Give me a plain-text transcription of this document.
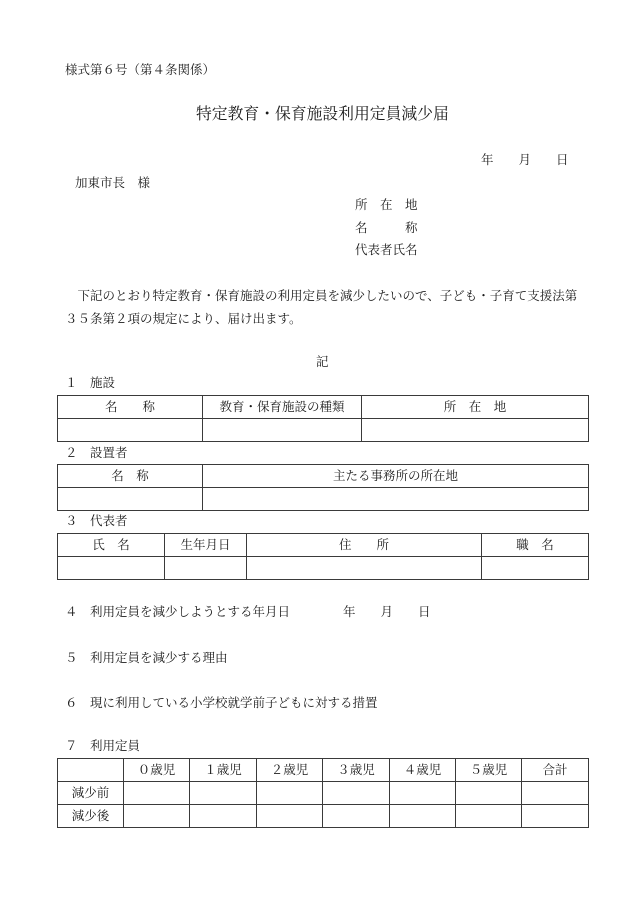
様式第６号（第４条関係）
特定教育・保育施設利用定員減少届
年　　月　　日
加東市長　様
所　在　地
名　　　称
代表者氏名
　下記のとおり特定教育・保育施設の利用定員を減少したいので、子ども・子育て支援法第
３５条第２項の規定により、届け出ます。
記
１　施設
名　　称	教育・保育施設の種類	所　在　地

２　設置者
名　称	主たる事務所の所在地

３　代表者
氏　名	生年月日	住　　所	職　名

４　利用定員を減少しようとする年月日	年　　月　　日
５　利用定員を減少する理由
６　現に利用している小学校就学前子どもに対する措置
７　利用定員
	０歳児	１歳児	２歳児	３歳児	４歳児	５歳児	合計
減少前							
減少後							
